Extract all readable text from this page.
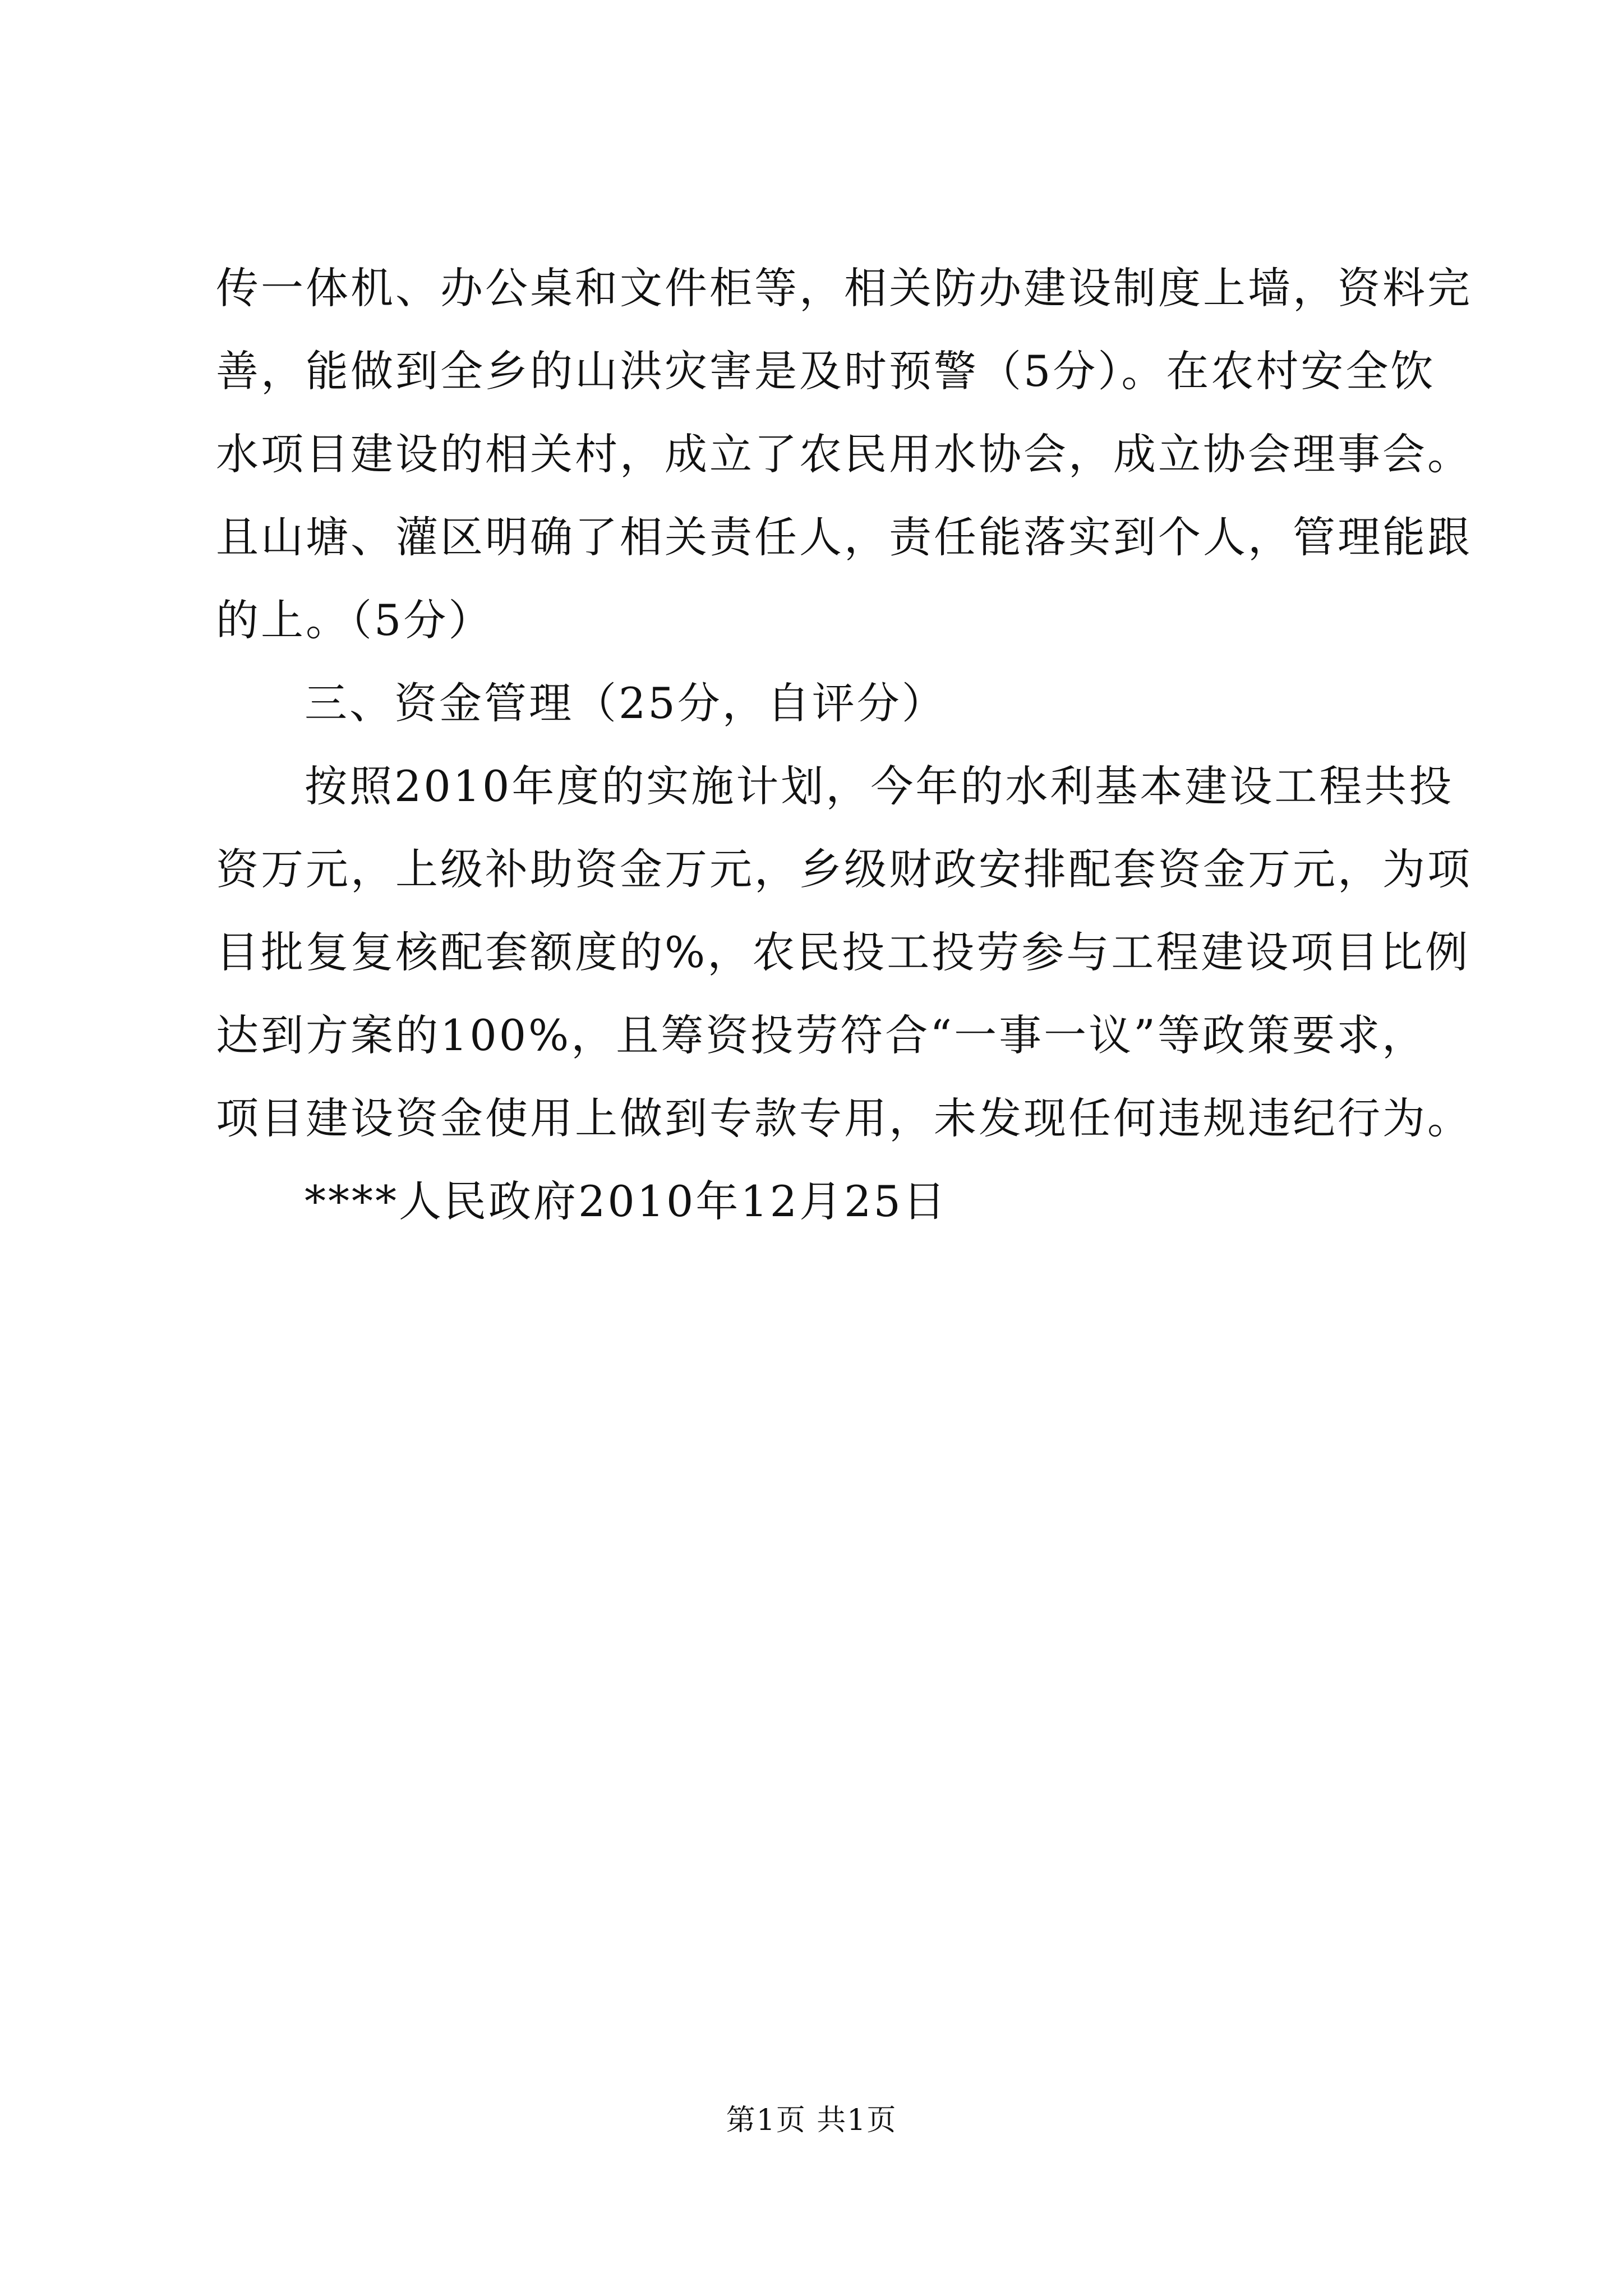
传一体机、办公桌和文件柜等，相关防办建设制度上墙，资料完
善，能做到全乡的山洪灾害是及时预警（5分）。在农村安全饮
水项目建设的相关村，成立了农民用水协会，成立协会理事会。
且山塘、灌区明确了相关责任人，责任能落实到个人，管理能跟
的上。（5分）
三、资金管理（25分，自评分）
按照2010年度的实施计划，今年的水利基本建设工程共投
资万元，上级补助资金万元，乡级财政安排配套资金万元，为项
目批复复核配套额度的%，农民投工投劳参与工程建设项目比例
达到方案的100%，且筹资投劳符合“一事一议”等政策要求，
项目建设资金使用上做到专款专用，未发现任何违规违纪行为。
****人民政府2010年12月25日
第1页 共1页
